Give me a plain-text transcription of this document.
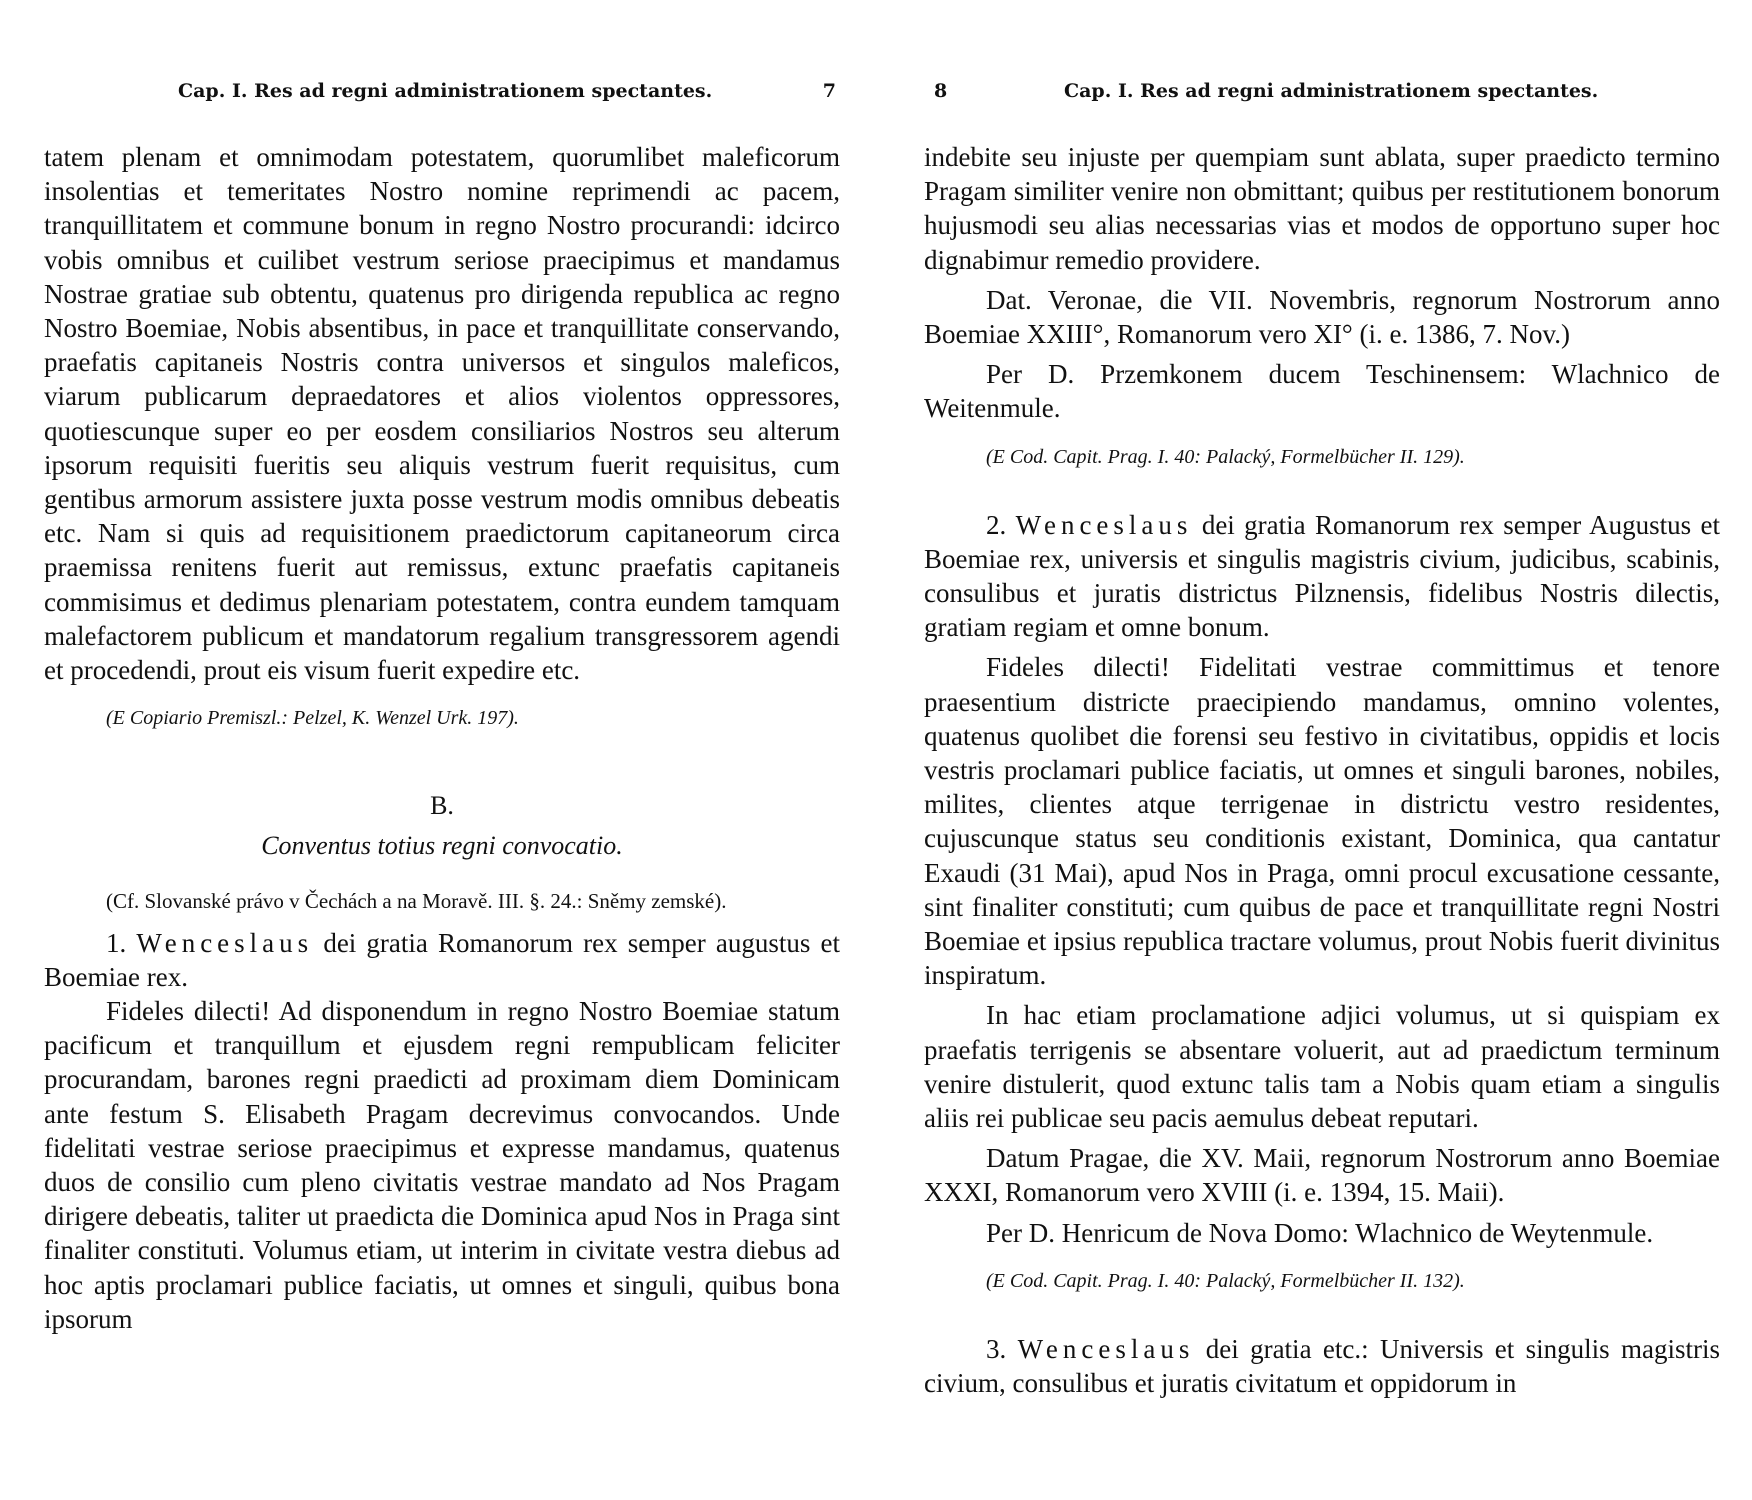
Cap. I. Res ad regni administrationem spectantes.	7

tatem plenam et omnimodam potestatem, quorumlibet maleficorum insolentias et temeritates Nostro nomine reprimendi ac pacem, tranquillitatem et commune bonum in regno Nostro procurandi: idcirco vobis omnibus et cuilibet vestrum seriose praecipimus et mandamus Nostrae gratiae sub obtentu, quatenus pro dirigenda republica ac regno Nostro Boemiae, Nobis absentibus, in pace et tranquillitate conservando, praefatis capitaneis Nostris contra universos et singulos maleficos, viarum publicarum depraedatores et alios violentos oppressores, quotiescunque super eo per eosdem consiliarios Nostros seu alterum ipsorum requisiti fueritis seu aliquis vestrum fuerit requisitus, cum gentibus armorum assistere juxta posse vestrum modis omnibus debeatis etc. Nam si quis ad requisitionem praedictorum capitaneorum circa praemissa renitens fuerit aut remissus, extunc praefatis capitaneis commisimus et dedimus plenariam potestatem, contra eundem tamquam malefactorem publicum et mandatorum regalium transgressorem agendi et procedendi, prout eis visum fuerit expedire etc.

(E Copiario Premiszl.: Pelzel, K. Wenzel Urk. 197).

B.
Conventus totius regni convocatio.

(Cf. Slovanské právo v Čechách a na Moravě. III. §. 24.: Sněmy zemské).

1. Wenceslaus dei gratia Romanorum rex semper augustus et Boemiae rex.

Fideles dilecti! Ad disponendum in regno Nostro Boemiae statum pacificum et tranquillum et ejusdem regni rempublicam feliciter procurandam, barones regni praedicti ad proximam diem Dominicam ante festum S. Elisabeth Pragam decrevimus convocandos. Unde fidelitati vestrae seriose praecipimus et expresse mandamus, quatenus duos de consilio cum pleno civitatis vestrae mandato ad Nos Pragam dirigere debeatis, taliter ut praedicta die Dominica apud Nos in Praga sint finaliter constituti. Volumus etiam, ut interim in civitate vestra diebus ad hoc aptis proclamari publice faciatis, ut omnes et singuli, quibus bona ipsorum

8	Cap. I. Res ad regni administrationem spectantes.

indebite seu injuste per quempiam sunt ablata, super praedicto termino Pragam similiter venire non obmittant; quibus per restitutionem bonorum hujusmodi seu alias necessarias vias et modos de opportuno super hoc dignabimur remedio providere.

Dat. Veronae, die VII. Novembris, regnorum Nostrorum anno Boemiae XXIII°, Romanorum vero XI° (i. e. 1386, 7. Nov.)

Per D. Przemkonem ducem Teschinensem: Wlachnico de Weitenmule.

(E Cod. Capit. Prag. I. 40: Palacký, Formelbücher II. 129).

2. Wenceslaus dei gratia Romanorum rex semper Augustus et Boemiae rex, universis et singulis magistris civium, judicibus, scabinis, consulibus et juratis districtus Pilznensis, fidelibus Nostris dilectis, gratiam regiam et omne bonum.

Fideles dilecti! Fidelitati vestrae committimus et tenore praesentium districte praecipiendo mandamus, omnino volentes, quatenus quolibet die forensi seu festivo in civitatibus, oppidis et locis vestris proclamari publice faciatis, ut omnes et singuli barones, nobiles, milites, clientes atque terrigenae in districtu vestro residentes, cujuscunque status seu conditionis existant, Dominica, qua cantatur Exaudi (31 Mai), apud Nos in Praga, omni procul excusatione cessante, sint finaliter constituti; cum quibus de pace et tranquillitate regni Nostri Boemiae et ipsius republica tractare volumus, prout Nobis fuerit divinitus inspiratum.

In hac etiam proclamatione adjici volumus, ut si quispiam ex praefatis terrigenis se absentare voluerit, aut ad praedictum terminum venire distulerit, quod extunc talis tam a Nobis quam etiam a singulis aliis rei publicae seu pacis aemulus debeat reputari.

Datum Pragae, die XV. Maii, regnorum Nostrorum anno Boemiae XXXI, Romanorum vero XVIII (i. e. 1394, 15. Maii).

Per D. Henricum de Nova Domo: Wlachnico de Weytenmule.

(E Cod. Capit. Prag. I. 40: Palacký, Formelbücher II. 132).

3. Wenceslaus dei gratia etc.: Universis et singulis magistris civium, consulibus et juratis civitatum et oppidorum in
